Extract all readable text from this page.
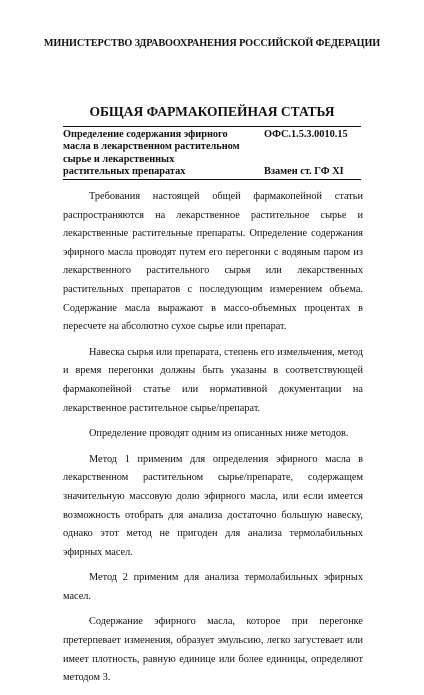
МИНИСТЕРСТВО ЗДРАВООХРАНЕНИЯ РОССИЙСКОЙ ФЕДЕРАЦИИ
ОБЩАЯ ФАРМАКОПЕЙНАЯ СТАТЬЯ
Определение содержания эфирного масла в лекарственном растительном сырье и лекарственных растительных препаратах
ОФС.1.5.3.0010.15
Взамен ст. ГФ XI

Требования настоящей общей фармакопейной статьи распространяются на лекарственное растительное сырье и лекарственные растительные препараты. Определение содержания эфирного масла проводят путем его перегонки с водяным паром из лекарственного растительного сырья или лекарственных растительных препаратов с последующим измерением объема. Содержание масла выражают в массо-объемных процентах в пересчете на абсолютно сухое сырье или препарат.

Навеска сырья или препарата, степень его измельчения, метод и время перегонки должны быть указаны в соответствующей фармакопейной статье или нормативной документации на лекарственное растительное сырье/препарат.

Определение проводят одним из описанных ниже методов.

Метод 1 применим для определения эфирного масла в лекарственном растительном сырье/препарате, содержащем значительную массовую долю эфирного масла, или если имеется возможность отобрать для анализа достаточно большую навеску, однако этот метод не пригоден для анализа термолабильных эфирных масел.

Метод 2 применим для анализа термолабильных эфирных масел.

Содержание эфирного масла, которое при перегонке претерпевает изменения, образует эмульсию, легко загустевает или имеет плотность, равную единице или более единицы, определяют методом 3.
